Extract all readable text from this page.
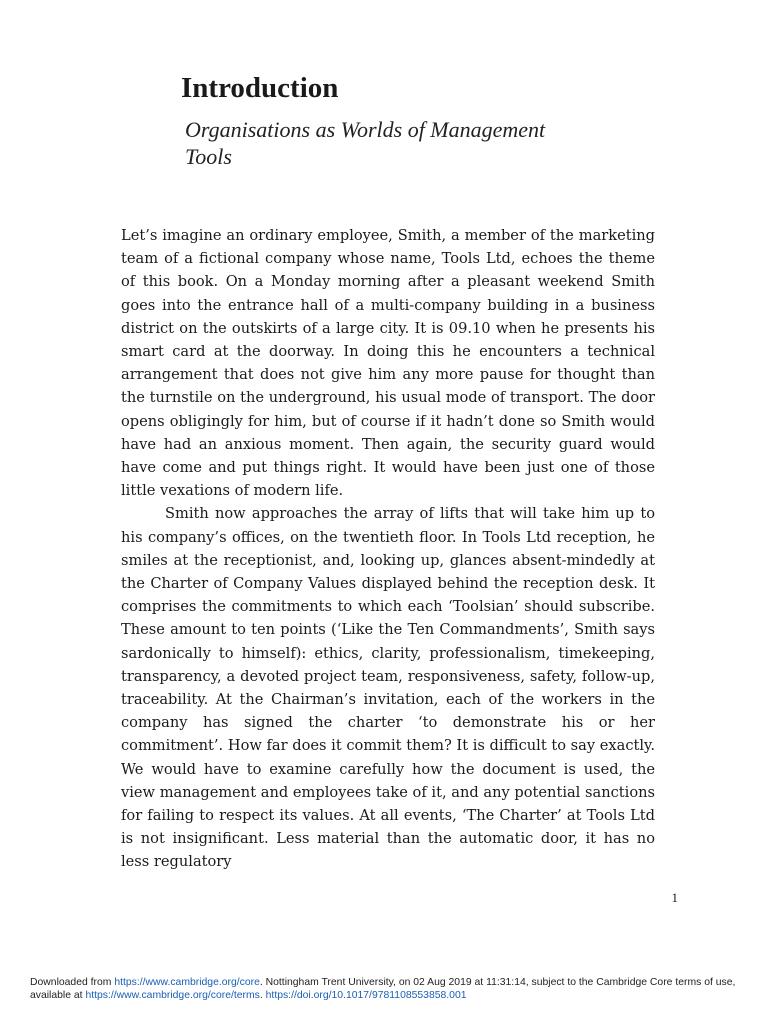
Introduction
Organisations as Worlds of Management Tools

Let’s imagine an ordinary employee, Smith, a member of the marketing team of a fictional company whose name, Tools Ltd, echoes the theme of this book. On a Monday morning after a pleasant weekend Smith goes into the entrance hall of a multi-company building in a business district on the outskirts of a large city. It is 09.10 when he presents his smart card at the doorway. In doing this he encounters a technical arrangement that does not give him any more pause for thought than the turnstile on the underground, his usual mode of transport. The door opens obligingly for him, but of course if it hadn’t done so Smith would have had an anxious moment. Then again, the security guard would have come and put things right. It would have been just one of those little vexations of modern life.

Smith now approaches the array of lifts that will take him up to his company’s offices, on the twentieth floor. In Tools Ltd reception, he smiles at the receptionist, and, looking up, glances absent-mindedly at the Charter of Company Values displayed behind the reception desk. It comprises the commitments to which each ‘Toolsian’ should subscribe. These amount to ten points (‘Like the Ten Commandments’, Smith says sardonically to himself): ethics, clarity, professionalism, timekeeping, transparency, a devoted project team, responsiveness, safety, follow-up, traceability. At the Chairman’s invitation, each of the workers in the company has signed the charter ‘to demonstrate his or her commitment’. How far does it commit them? It is difficult to say exactly. We would have to examine carefully how the document is used, the view management and employees take of it, and any potential sanctions for failing to respect its values. At all events, ‘The Charter’ at Tools Ltd is not insignificant. Less material than the automatic door, it has no less regulatory

1
Downloaded from https://www.cambridge.org/core. Nottingham Trent University, on 02 Aug 2019 at 11:31:14, subject to the Cambridge Core terms of use, available at https://www.cambridge.org/core/terms. https://doi.org/10.1017/9781108553858.001
